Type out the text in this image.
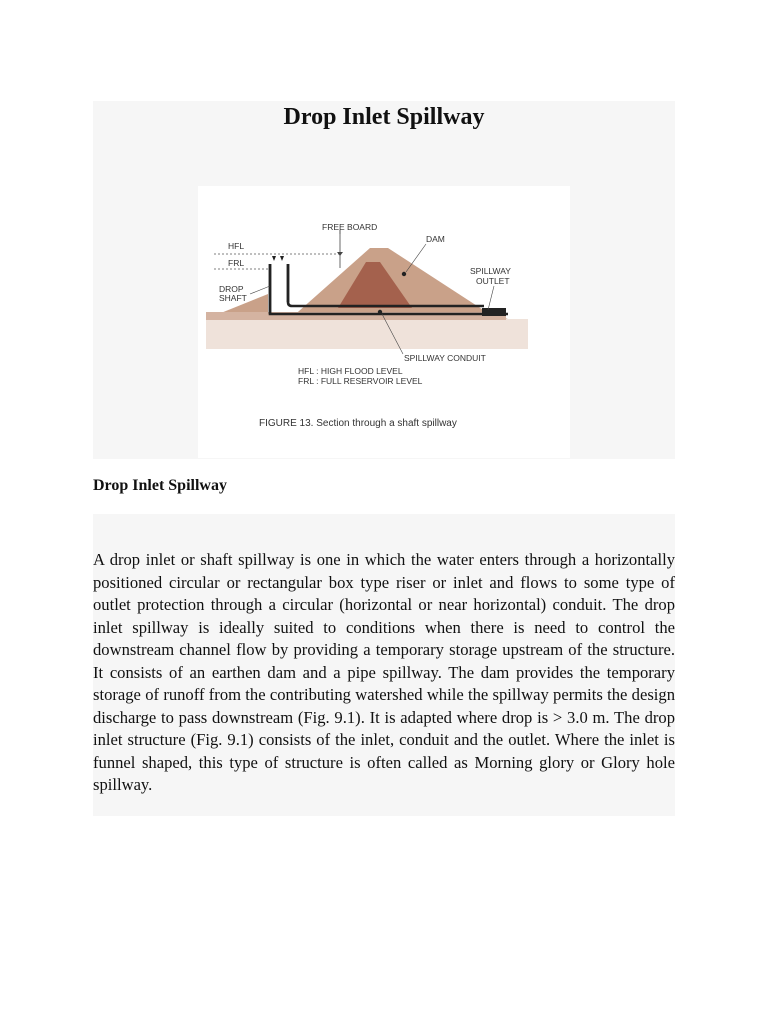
Drop Inlet Spillway
FREE BOARD
DAM
HFL
FRL
DROP
SHAFT
SPILLWAY
OUTLET
SPILLWAY CONDUIT
HFL : HIGH FLOOD LEVEL
FRL : FULL RESERVOIR LEVEL
FIGURE 13. Section through a shaft spillway
Drop Inlet Spillway

A drop inlet or shaft spillway is one in which the water enters through a horizontally positioned circular or rectangular box type riser or inlet and flows to some type of outlet protection through a circular (horizontal or near horizontal) conduit. The drop inlet spillway is ideally suited to conditions when there is need to control the downstream channel flow by providing a temporary storage upstream of the structure. It consists of an earthen dam and a pipe spillway. The dam provides the temporary storage of runoff from the contributing watershed while the spillway permits the design discharge to pass downstream (Fig. 9.1). It is adapted where drop is > 3.0 m. The drop inlet structure (Fig. 9.1) consists of the inlet, conduit and the outlet. Where the inlet is funnel shaped, this type of structure is often called as Morning glory or Glory hole spillway.
